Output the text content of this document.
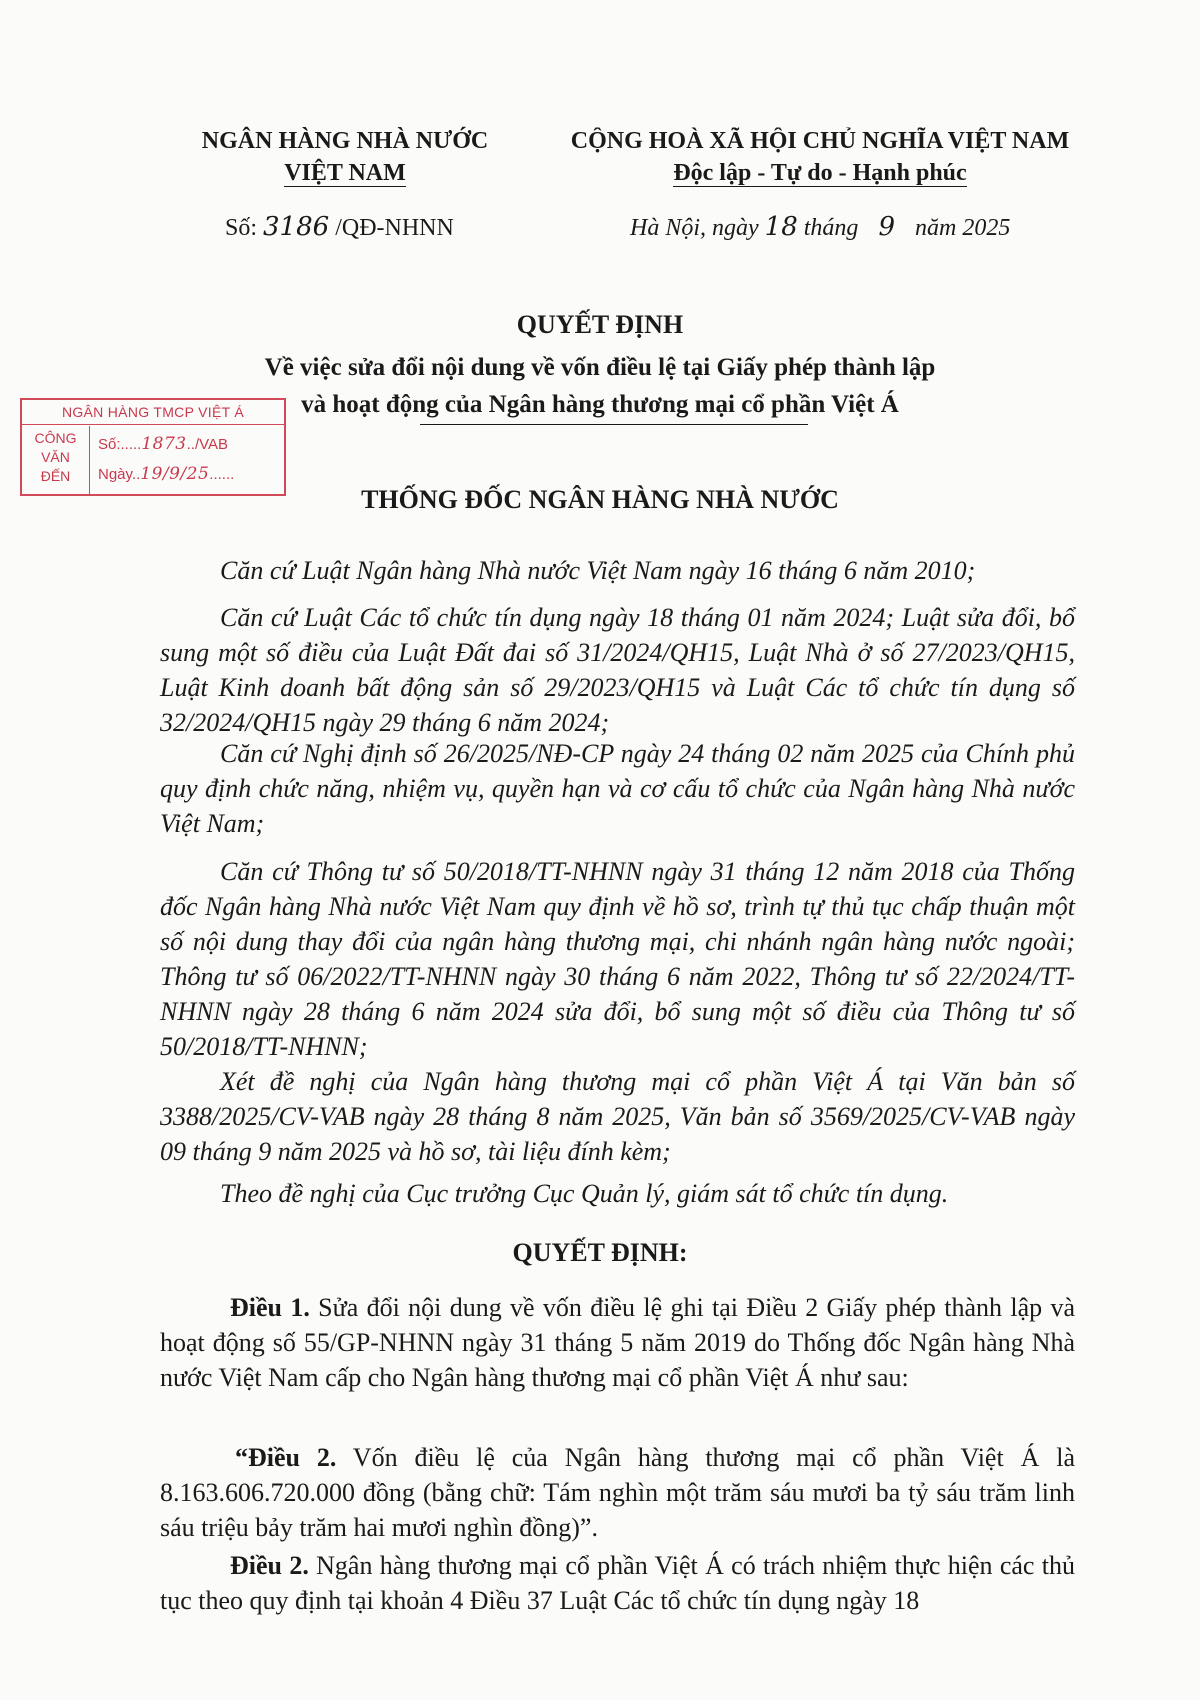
NGÂN HÀNG NHÀ NƯỚC
VIỆT NAM
CỘNG HOÀ XÃ HỘI CHỦ NGHĨA VIỆT NAM
Độc lập - Tự do - Hạnh phúc
Số: 3186 /QĐ-NHNN	Hà Nội, ngày 18 tháng 9 năm 2025
QUYẾT ĐỊNH
Về việc sửa đổi nội dung về vốn điều lệ tại Giấy phép thành lập
và hoạt động của Ngân hàng thương mại cổ phần Việt Á
NGÂN HÀNG TMCP VIỆT Á
CÔNG
VĂN
ĐẾN
Số:.....1873../VAB
Ngày..19/9/25......
THỐNG ĐỐC NGÂN HÀNG NHÀ NƯỚC
Căn cứ Luật Ngân hàng Nhà nước Việt Nam ngày 16 tháng 6 năm 2010;
Căn cứ Luật Các tổ chức tín dụng ngày 18 tháng 01 năm 2024; Luật sửa đổi, bổ sung một số điều của Luật Đất đai số 31/2024/QH15, Luật Nhà ở số 27/2023/QH15, Luật Kinh doanh bất động sản số 29/2023/QH15 và Luật Các tổ chức tín dụng số 32/2024/QH15 ngày 29 tháng 6 năm 2024;
Căn cứ Nghị định số 26/2025/NĐ-CP ngày 24 tháng 02 năm 2025 của Chính phủ quy định chức năng, nhiệm vụ, quyền hạn và cơ cấu tổ chức của Ngân hàng Nhà nước Việt Nam;
Căn cứ Thông tư số 50/2018/TT-NHNN ngày 31 tháng 12 năm 2018 của Thống đốc Ngân hàng Nhà nước Việt Nam quy định về hồ sơ, trình tự thủ tục chấp thuận một số nội dung thay đổi của ngân hàng thương mại, chi nhánh ngân hàng nước ngoài; Thông tư số 06/2022/TT-NHNN ngày 30 tháng 6 năm 2022, Thông tư số 22/2024/TT-NHNN ngày 28 tháng 6 năm 2024 sửa đổi, bổ sung một số điều của Thông tư số 50/2018/TT-NHNN;
Xét đề nghị của Ngân hàng thương mại cổ phần Việt Á tại Văn bản số 3388/2025/CV-VAB ngày 28 tháng 8 năm 2025, Văn bản số 3569/2025/CV-VAB ngày 09 tháng 9 năm 2025 và hồ sơ, tài liệu đính kèm;
Theo đề nghị của Cục trưởng Cục Quản lý, giám sát tổ chức tín dụng.
QUYẾT ĐỊNH:
Điều 1. Sửa đổi nội dung về vốn điều lệ ghi tại Điều 2 Giấy phép thành lập và hoạt động số 55/GP-NHNN ngày 31 tháng 5 năm 2019 do Thống đốc Ngân hàng Nhà nước Việt Nam cấp cho Ngân hàng thương mại cổ phần Việt Á như sau:
“Điều 2. Vốn điều lệ của Ngân hàng thương mại cổ phần Việt Á là 8.163.606.720.000 đồng (bằng chữ: Tám nghìn một trăm sáu mươi ba tỷ sáu trăm linh sáu triệu bảy trăm hai mươi nghìn đồng)”.
Điều 2. Ngân hàng thương mại cổ phần Việt Á có trách nhiệm thực hiện các thủ tục theo quy định tại khoản 4 Điều 37 Luật Các tổ chức tín dụng ngày 18
